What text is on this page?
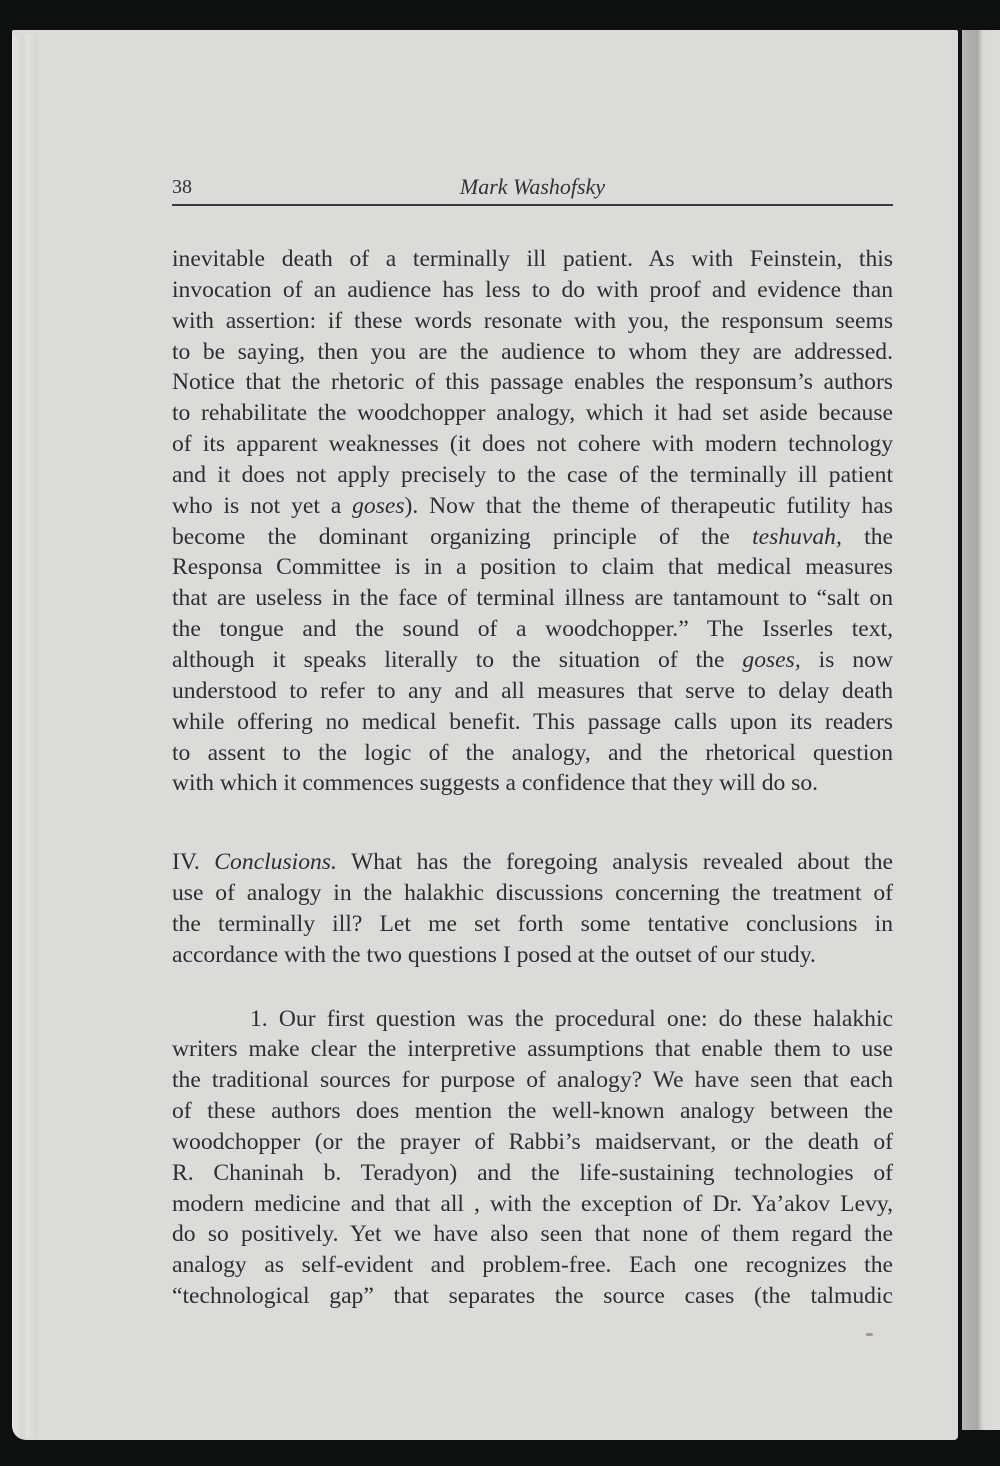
38	Mark Washofsky
inevitable death of a terminally ill patient. As with Feinstein, this
invocation of an audience has less to do with proof and evidence than
with assertion: if these words resonate with you, the responsum seems
to be saying, then you are the audience to whom they are addressed.
Notice that the rhetoric of this passage enables the responsum’s authors
to rehabilitate the woodchopper analogy, which it had set aside because
of its apparent weaknesses (it does not cohere with modern technology
and it does not apply precisely to the case of the terminally ill patient
who is not yet a goses). Now that the theme of therapeutic futility has
become the dominant organizing principle of the teshuvah, the
Responsa Committee is in a position to claim that medical measures
that are useless in the face of terminal illness are tantamount to “salt on
the tongue and the sound of a woodchopper.” The Isserles text,
although it speaks literally to the situation of the goses, is now
understood to refer to any and all measures that serve to delay death
while offering no medical benefit. This passage calls upon its readers
to assent to the logic of the analogy, and the rhetorical question
with which it commences suggests a confidence that they will do so.
IV. Conclusions. What has the foregoing analysis revealed about the
use of analogy in the halakhic discussions concerning the treatment of
the terminally ill? Let me set forth some tentative conclusions in
accordance with the two questions I posed at the outset of our study.
1. Our first question was the procedural one: do these halakhic
writers make clear the interpretive assumptions that enable them to use
the traditional sources for purpose of analogy? We have seen that each
of these authors does mention the well-known analogy between the
woodchopper (or the prayer of Rabbi’s maidservant, or the death of
R. Chaninah b. Teradyon) and the life-sustaining technologies of
modern medicine and that all , with the exception of Dr. Ya’akov Levy,
do so positively. Yet we have also seen that none of them regard the
analogy as self-evident and problem-free. Each one recognizes the
“technological gap” that separates the source cases (the talmudic
